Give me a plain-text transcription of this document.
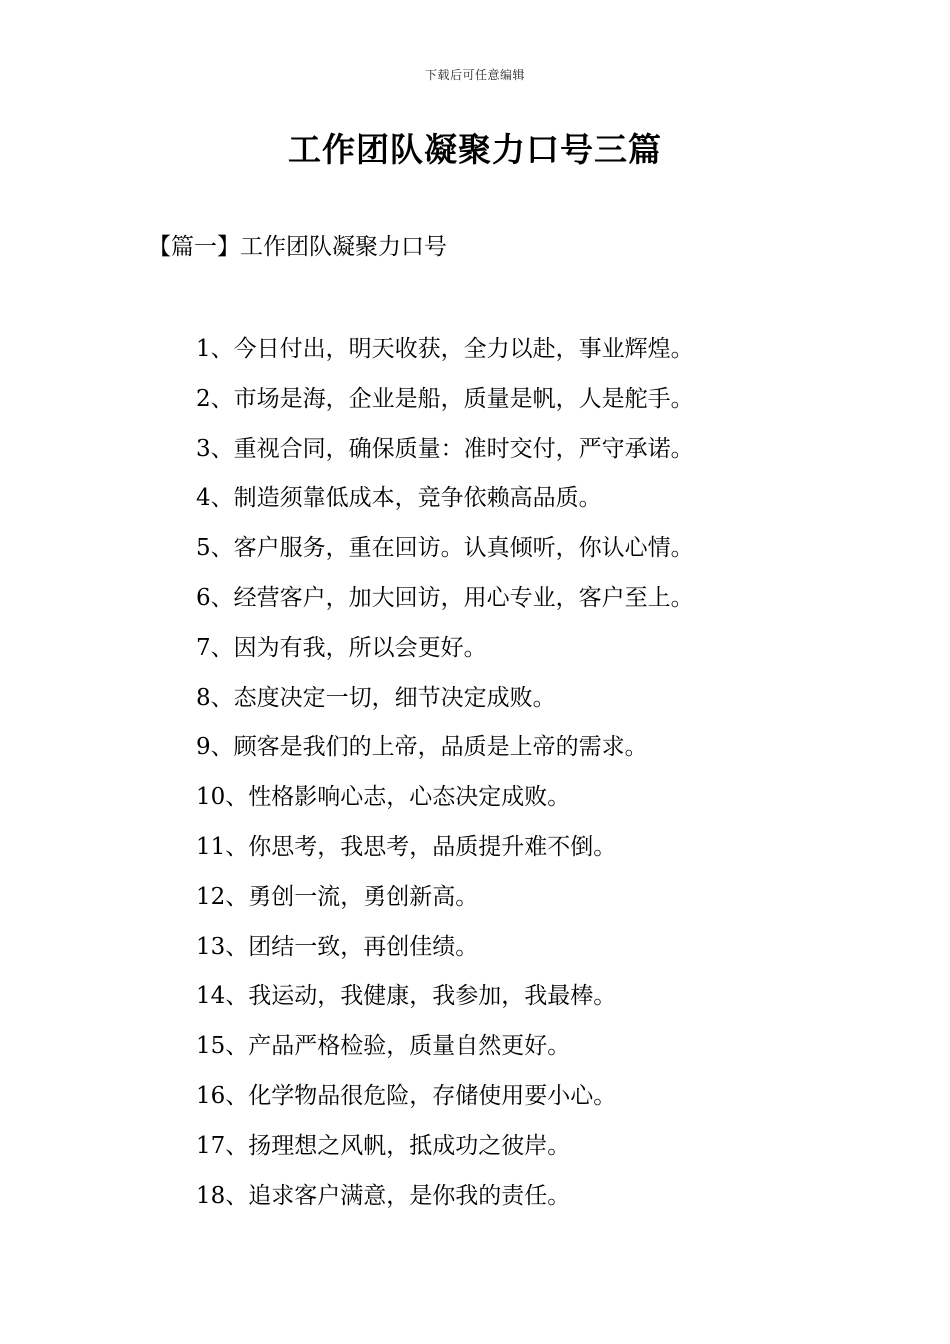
下载后可任意编辑
工作团队凝聚力口号三篇
【篇一】工作团队凝聚力口号
1、今日付出，明天收获，全力以赴，事业辉煌。
2、市场是海，企业是船，质量是帆，人是舵手。
3、重视合同，确保质量：准时交付，严守承诺。
4、制造须靠低成本，竞争依赖高品质。
5、客户服务，重在回访。认真倾听，你认心情。
6、经营客户，加大回访，用心专业，客户至上。
7、因为有我，所以会更好。
8、态度决定一切，细节决定成败。
9、顾客是我们的上帝，品质是上帝的需求。
10、性格影响心志，心态决定成败。
11、你思考，我思考，品质提升难不倒。
12、勇创一流，勇创新高。
13、团结一致，再创佳绩。
14、我运动，我健康，我参加，我最棒。
15、产品严格检验，质量自然更好。
16、化学物品很危险，存储使用要小心。
17、扬理想之风帆，抵成功之彼岸。
18、追求客户满意，是你我的责任。
